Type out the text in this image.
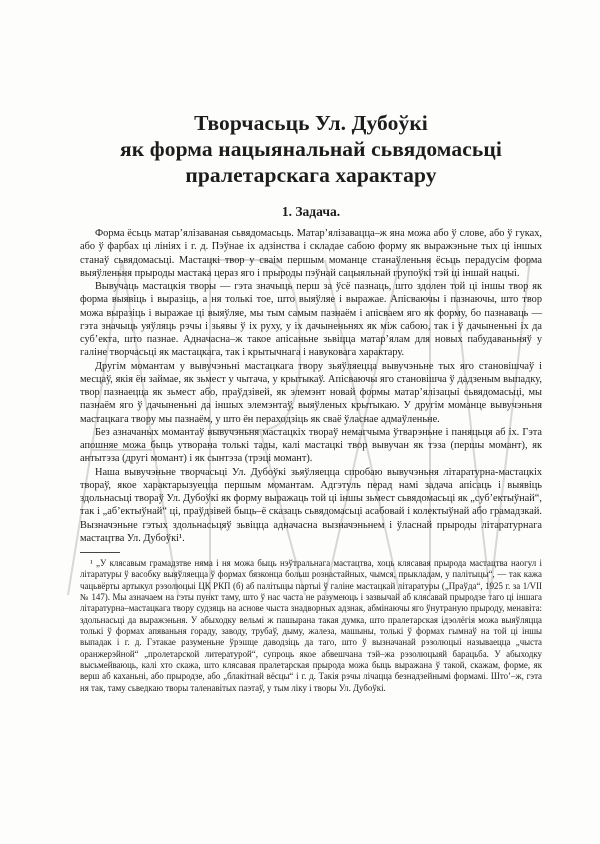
Творчасьць Ул. Дубоўкі
як форма нацыянальнай сьвядомасьці
пралетарскага характару
1. Задача.

Форма ёсьць матар’ялізаваная сьвядомасьць. Матар’ялізавацца–ж яна можа або ў слове, або ў гуках, або ў фарбах ці лініях і г. д. Пэўнае іх адзінства і складае сабою форму як выражэньне тых ці іншых станаў сьвядомасьці. Мастацкі твор у сваім першым моманце станаўленьня ёсьць перадусім форма выяўленьня прыроды мастака цераз яго і прыроды пэўнай сацыяльнай групоўкі тэй ці іншай нацыі.

Вывучаць мастацкія творы — гэта значыць перш за ўсё пазнаць, што здолен той ці іншы твор як форма выявіць і выразіць, а ня толькі тое, што выяўляе і выражае. Апісваючы і пазнаючы, што твор можа выразіць і выражае ці выяўляе, мы тым самым пазнаём і апісваем яго як форму, бо пазнаваць — гэта значыць уяўляць рэчы і зьявы ў іх руху, у іх дачыненьнях як між сабою, так і ў дачыненьні іх да суб’екта, што пазнае. Адначасна–ж такое апісаньне зьвіцца матар’ялам для новых пабудаваньняў у галіне творчасьці як мастацкага, так і крытычнага і навуковага характару.

Другім момантам у вывучэньні мастацкага твору зьяўляецца вывучэньне тых яго становішчаў і месцаў, якія ён займае, як зьмест у чытача, у крытыкаў. Апісваючы яго становішча ў дадзеным выпадку, твор пазнаецца як зьмест або, праўдзівей, як элемэнт новай формы матар’ялізацыі сьвядомасьці, мы пазнаём яго ў дачыненьні да іншых элемэнтаў, выяўленых крытыкаю. У другім моманце вывучэньня мастацкага твору мы пазнаём, у што ён пераходзіць як сваё ўласнае адмаўленьне.

Без азначаных момантаў вывучэньня мастацкіх твораў немагчыма ўтварэньне і паняцьця аб іх. Гэта апошняе можа быць утворана толькі тады, калі мастацкі твор вывучан як тэза (першы момант), як антытэза (другі момант) і як сынтэза (трэці момант).

Наша вывучэньне творчасьці Ул. Дубоўкі зьяўляецца спробаю вывучэньня літаратурна-мастацкіх твораў, якое характарызуецца першым момантам. Адгэтуль перад намі задача апісаць і выявіць здольнасьці твораў Ул. Дубоўкі як форму выражаць той ці іншы зьмест сьвядомасьці як „суб’ектыўнай“, так і „аб’ектыўнай“ ці, праўдзівей быць–ё сказаць сьвядомасьці асабовай і колектыўнай або грамадзкай. Вызначэньне гэтых здольнасьцяў зьвіцца адначасна вызначэньнем і ўласнай прыроды літаратурнага мастацтва Ул. Дубоўкі¹.

¹ „У клясавым грамадзтве няма і ня можа быць нэўтральнага мастацтва, хоць клясавая прырода мастацтва наогул і літаратуры ў васобку выяўляецца ў формах бязконца больш рознастайных, чымся, прыкладам, у палітыцы“, — так кажа чацьвёрты артыкул рэзолюцыі ЦК РКП (б) аб палітыцы партыі ў галіне мастацкай літаратуры („Праўда“, 1925 г. за 1/VII № 147). Мы азначаем на гэты пункт таму, што ў нас часта не разумеюць і зазвычай аб клясавай прыродзе таго ці іншага літаратурна–мастацкага твору судзяць на аснове чыста знадворных адзнак, абмінаючы яго ўнутраную прыроду, менавіта: здольнасьці да выражэньня. У абыходку вельмі ж пашырана такая думка, што пралетарская ідэолёгія можа выяўляцца толькі ў формах апяваньня гораду, заводу, трубаў, дыму, жалеза, машыны, толькі ў формах гымнаў на той ці іншы выпадак і г. д. Гэтакае разуменьне ўрэшце даводзіць да таго, што ў вызначанай рэзолюцыі называецца „чыста оранжерэйной“ „пролетарской литературой“, супроць якое абвешчана тэй–жа рэзолюцыяй барацьба. У абыходку высьмейваюць, калі хто скажа, што клясавая пралетарская прырода можа быць выражана ў такой, скажам, форме, як верш аб каханьні, або прыродзе, або „блакітнай вёсцы“ і г. д. Такія рэчы лічацца безнадзейнымі формамі. Штоʼ–ж, гэта ня так, таму сьведкаю творы таленавітых паэтаў, у тым ліку і творы Ул. Дубоўкі.
